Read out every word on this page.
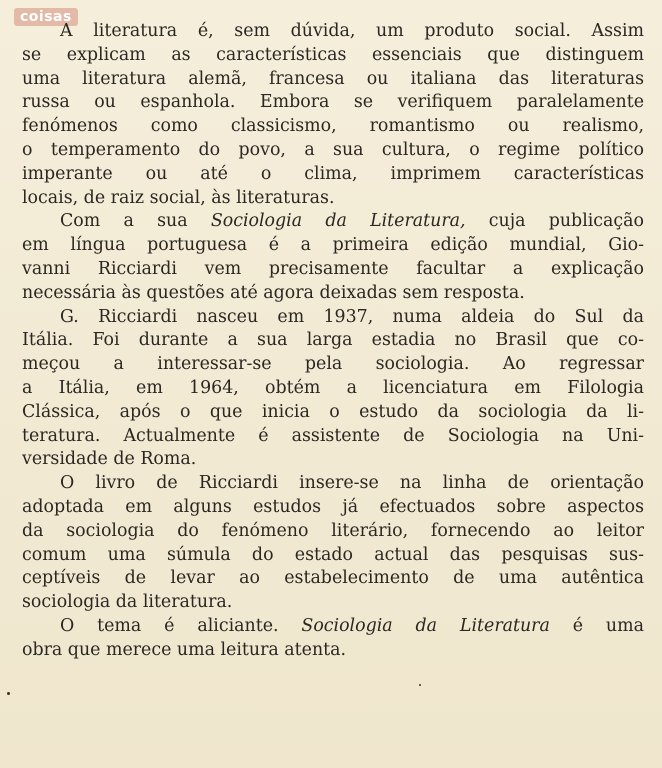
coisas
A literatura é, sem dúvida, um produto social. Assim
se explicam as características essenciais que distinguem
uma literatura alemã, francesa ou italiana das literaturas
russa ou espanhola. Embora se verifiquem paralelamente
fenómenos como classicismo, romantismo ou realismo,
o temperamento do povo, a sua cultura, o regime político
imperante ou até o clima, imprimem características
locais, de raiz social, às literaturas.
Com a sua Sociologia da Literatura, cuja publicação
em língua portuguesa é a primeira edição mundial, Gio-
vanni Ricciardi vem precisamente facultar a explicação
necessária às questões até agora deixadas sem resposta.
G. Ricciardi nasceu em 1937, numa aldeia do Sul da
Itália. Foi durante a sua larga estadia no Brasil que co-
meçou a interessar-se pela sociologia. Ao regressar
a Itália, em 1964, obtém a licenciatura em Filologia
Clássica, após o que inicia o estudo da sociologia da li-
teratura. Actualmente é assistente de Sociologia na Uni-
versidade de Roma.
O livro de Ricciardi insere-se na linha de orientação
adoptada em alguns estudos já efectuados sobre aspectos
da sociologia do fenómeno literário, fornecendo ao leitor
comum uma súmula do estado actual das pesquisas sus-
ceptíveis de levar ao estabelecimento de uma autêntica
sociologia da literatura.
O tema é aliciante. Sociologia da Literatura é uma
obra que merece uma leitura atenta.
